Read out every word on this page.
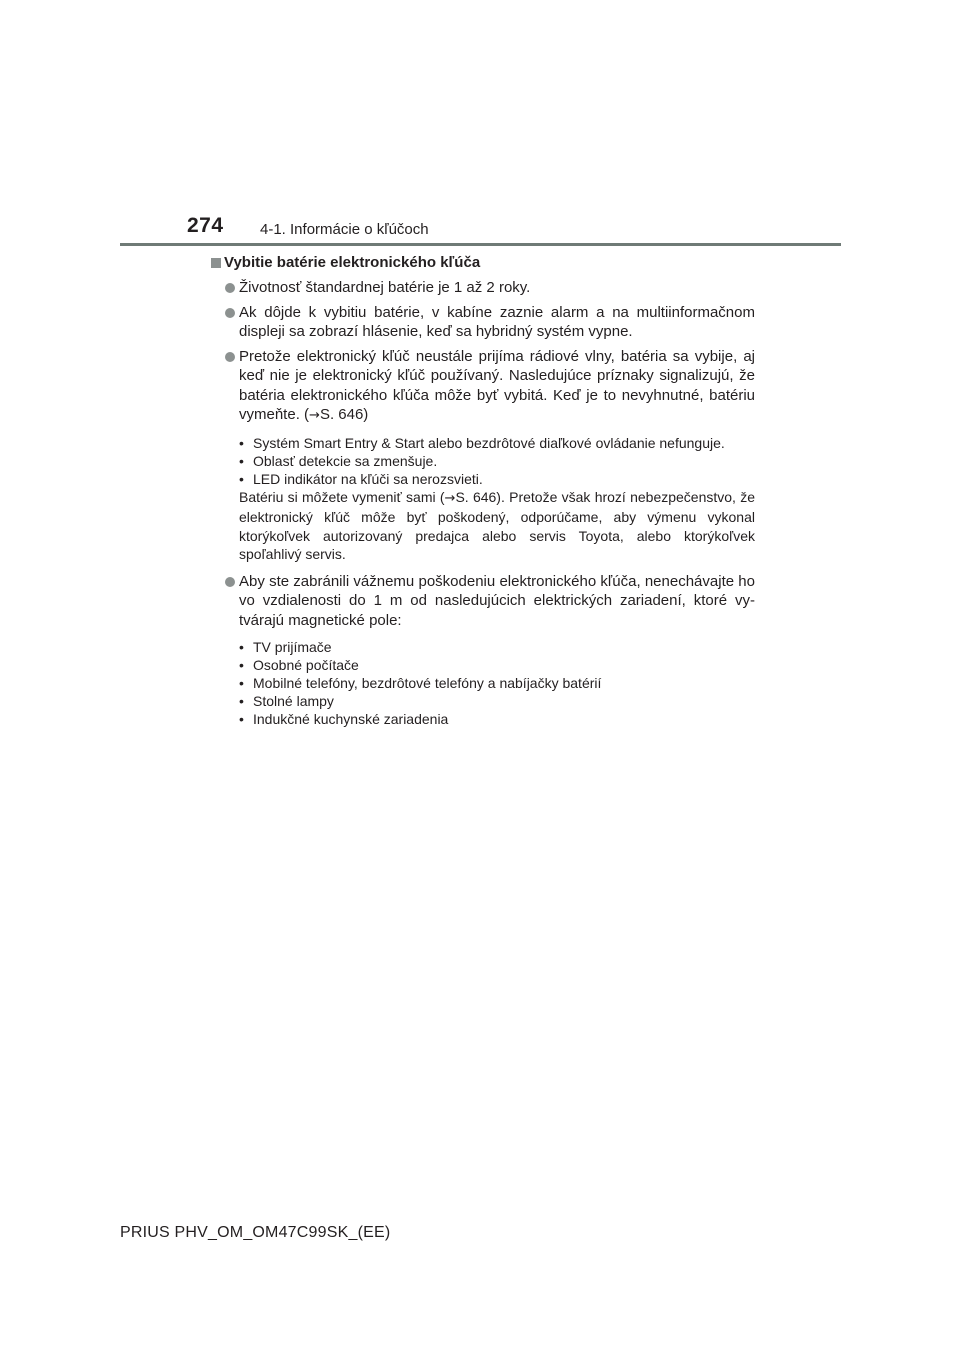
274 4-1. Informácie o kľúčoch
Vybitie batérie elektronického kľúča
Životnosť štandardnej batérie je 1 až 2 roky.
Ak dôjde k vybitiu batérie, v kabíne zaznie alarm a na multiinformačnom displeji sa zobrazí hlásenie, keď sa hybridný systém vypne.
Pretože elektronický kľúč neustále prijíma rádiové vlny, batéria sa vybije, aj keď nie je elektronický kľúč používaný. Nasledujúce príznaky signalizujú, že batéria elektronického kľúča môže byť vybitá. Keď je to nevyhnutné, batériu vymeňte. (→S. 646)
• Systém Smart Entry & Start alebo bezdrôtové diaľkové ovládanie nefunguje.
• Oblasť detekcie sa zmenšuje.
• LED indikátor na kľúči sa nerozsvieti.
Batériu si môžete vymeniť sami (→S. 646). Pretože však hrozí nebezpečenstvo, že elektronický kľúč môže byť poškodený, odporúčame, aby výmenu vykonal ktorýkoľvek autorizovaný predajca alebo servis Toyota, alebo ktorýkoľvek spoľahlivý servis.
Aby ste zabránili vážnemu poškodeniu elektronického kľúča, nenechávajte ho vo vzdialenosti do 1 m od nasledujúcich elektrických zariadení, ktoré vytvárajú magnetické pole:
• TV prijímače
• Osobné počítače
• Mobilné telefóny, bezdrôtové telefóny a nabíjačky batérií
• Stolné lampy
• Indukčné kuchynské zariadenia
PRIUS PHV_OM_OM47C99SK_(EE)
